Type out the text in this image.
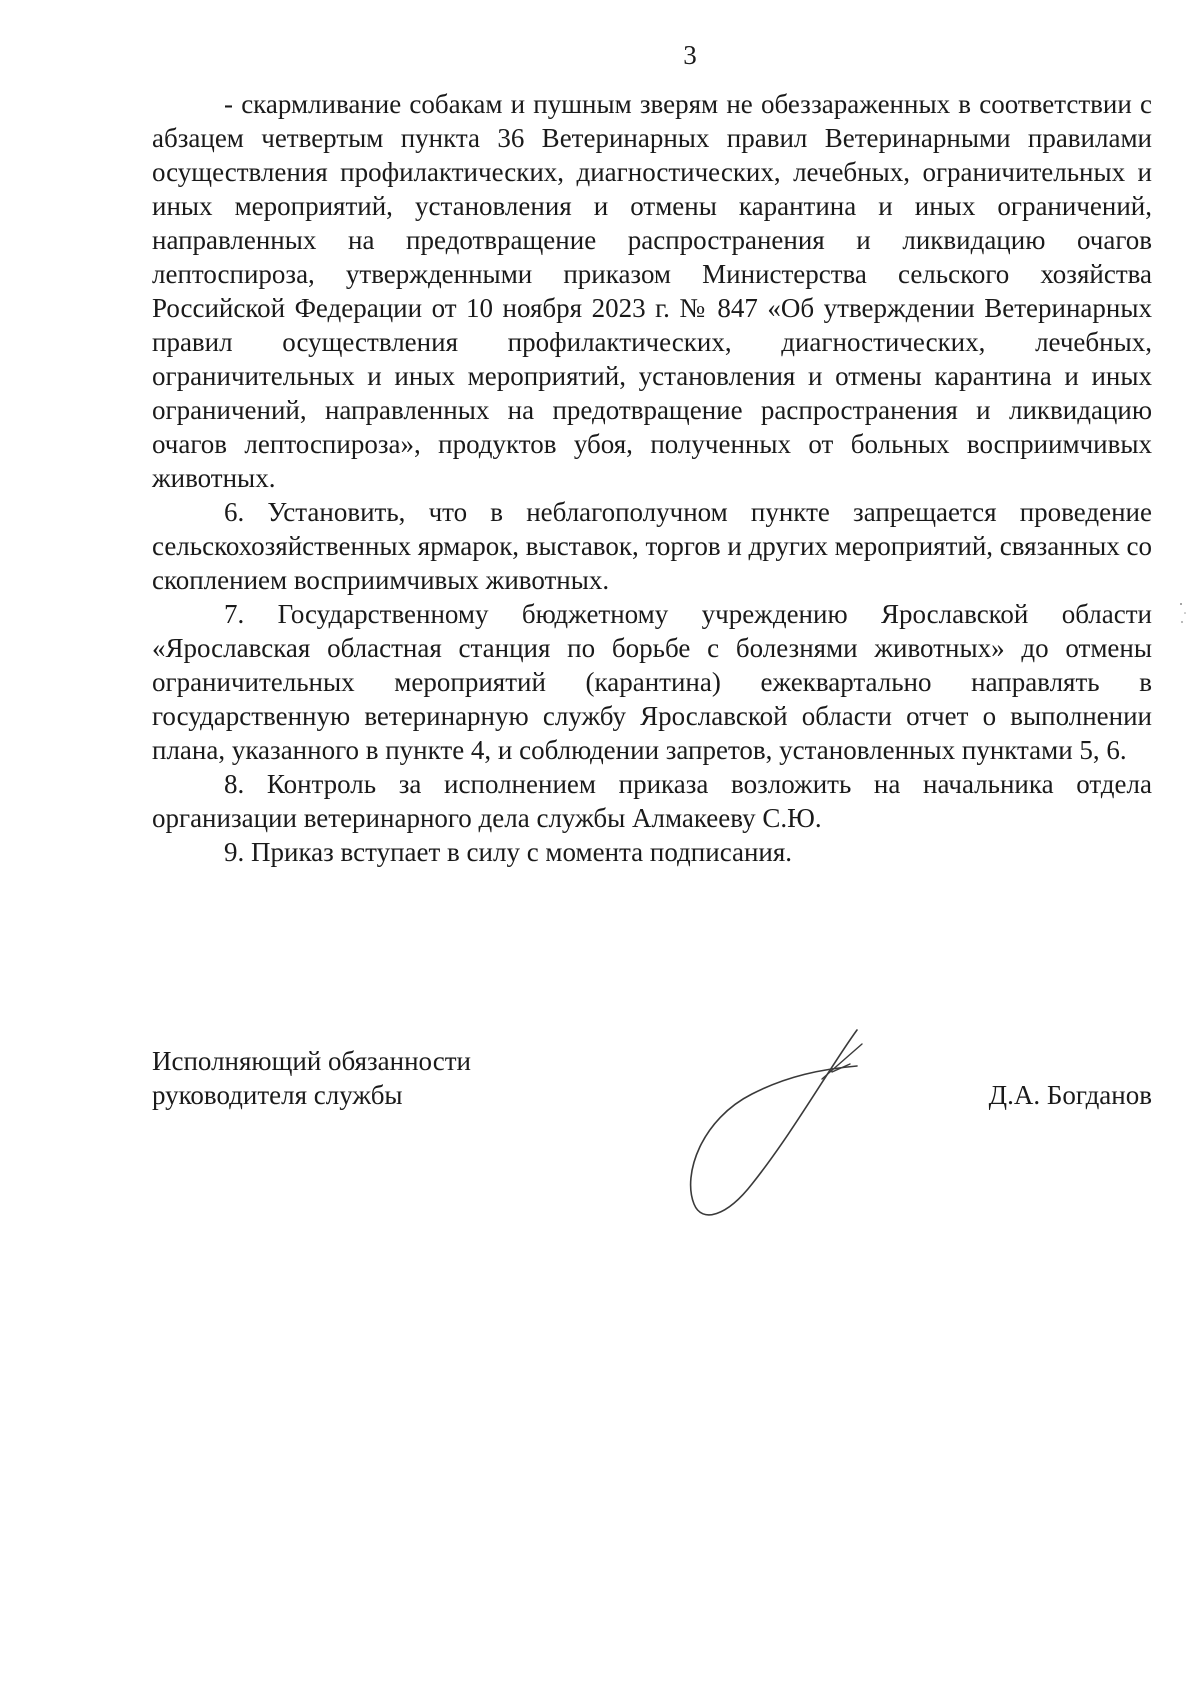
3

- скармливание собакам и пушным зверям не обеззараженных в соответствии с абзацем четвертым пункта 36 Ветеринарных правил Ветеринарными правилами осуществления профилактических, диагностических, лечебных, ограничительных и иных мероприятий, установления и отмены карантина и иных ограничений, направленных на предотвращение распространения и ликвидацию очагов лептоспироза, утвержденными приказом Министерства сельского хозяйства Российской Федерации от 10 ноября 2023 г. № 847 «Об утверждении Ветеринарных правил осуществления профилактических, диагностических, лечебных, ограничительных и иных мероприятий, установления и отмены карантина и иных ограничений, направленных на предотвращение распространения и ликвидацию очагов лептоспироза», продуктов убоя, полученных от больных восприимчивых животных.

6. Установить, что в неблагополучном пункте запрещается проведение сельскохозяйственных ярмарок, выставок, торгов и других мероприятий, связанных со скоплением восприимчивых животных.

7. Государственному бюджетному учреждению Ярославской области «Ярославская областная станция по борьбе с болезнями животных» до отмены ограничительных мероприятий (карантина) ежеквартально направлять в государственную ветеринарную службу Ярославской области отчет о выполнении плана, указанного в пункте 4, и соблюдении запретов, установленных пунктами 5, 6.

8. Контроль за исполнением приказа возложить на начальника отдела организации ветеринарного дела службы Алмакееву С.Ю.

9. Приказ вступает в силу с момента подписания.

Исполняющий обязанности
руководителя службы	Д.А. Богданов
